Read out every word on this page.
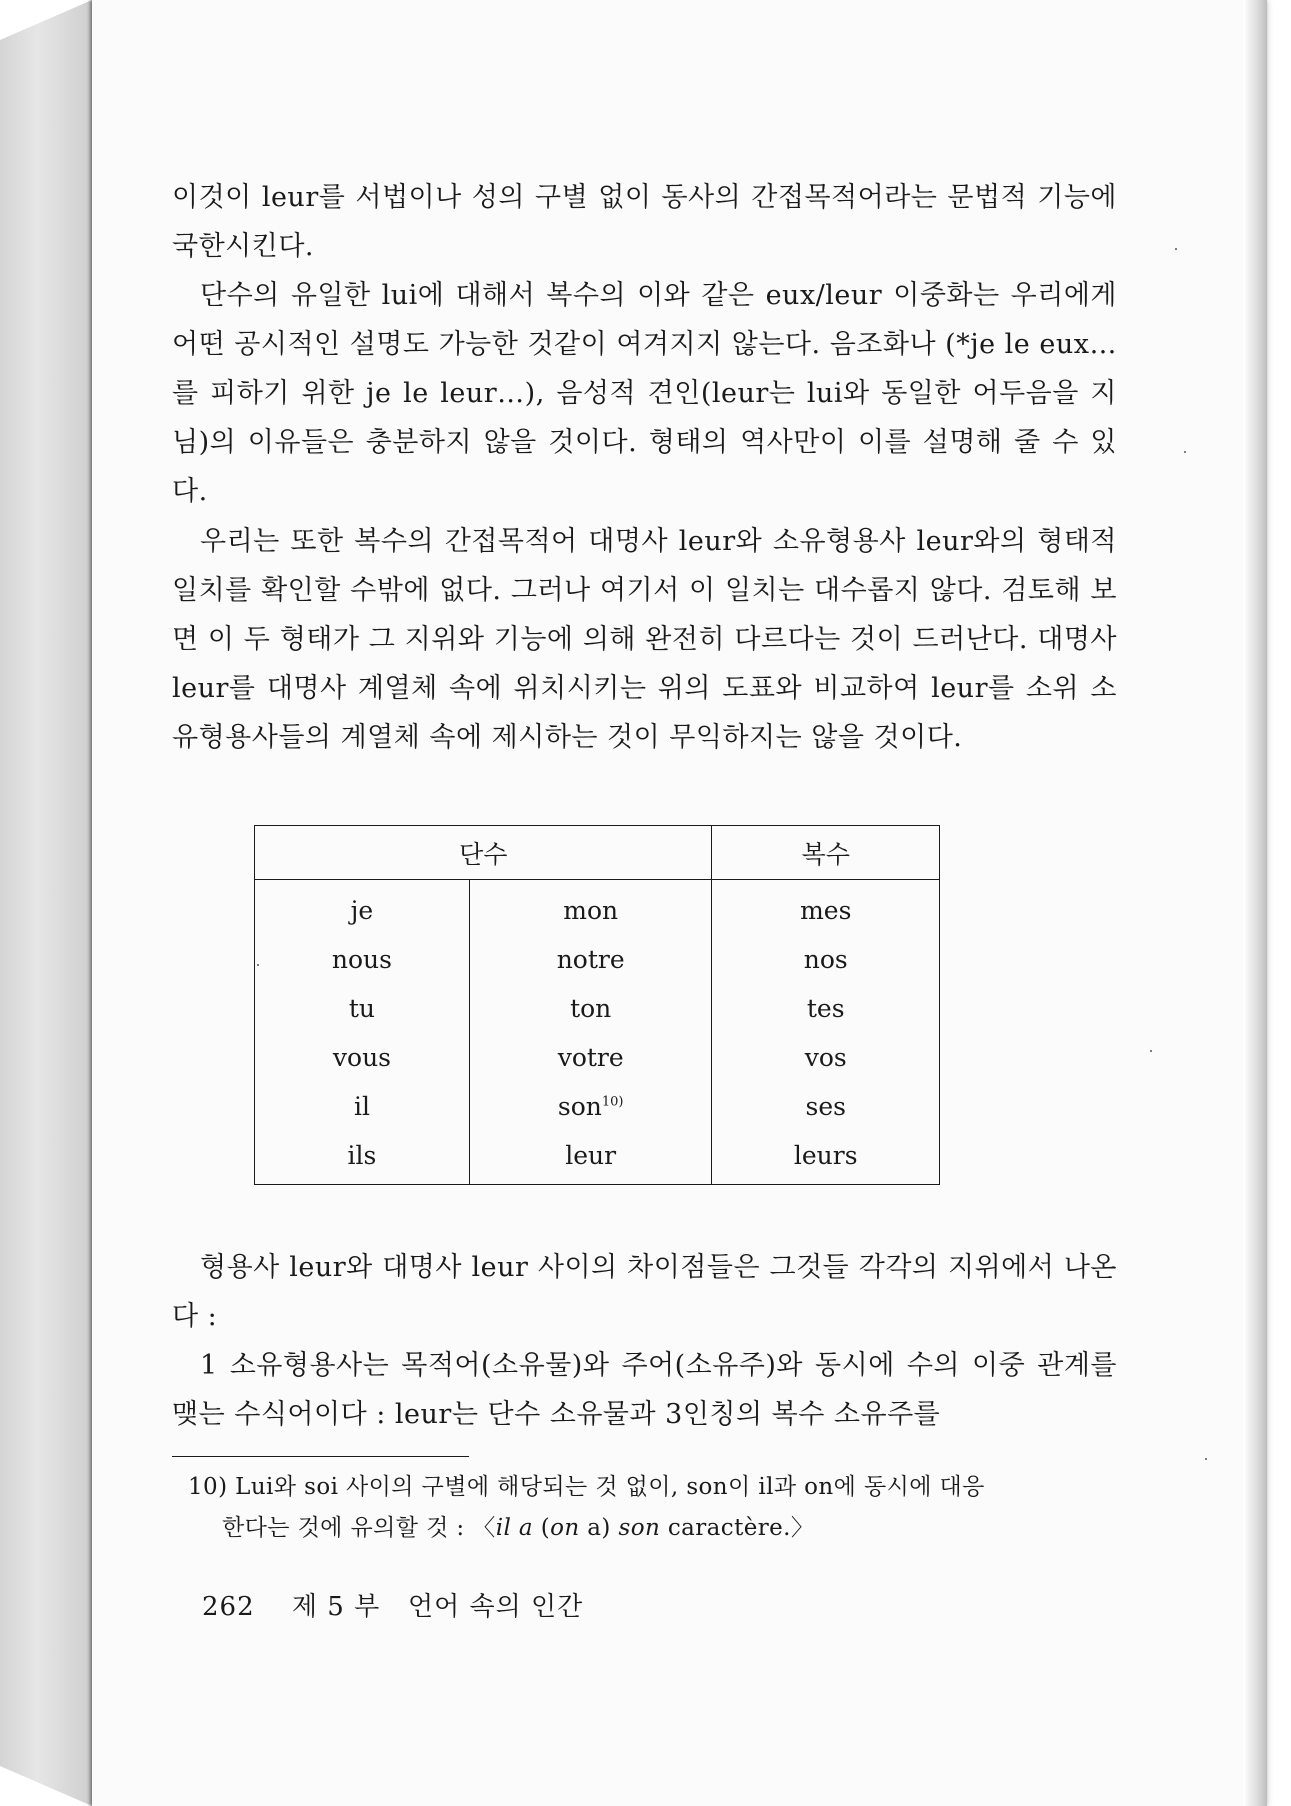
이것이 leur를 서법이나 성의 구별 없이 동사의 간접목적어라는 문법적 기능에 국한시킨다.
단수의 유일한 lui에 대해서 복수의 이와 같은 eux/leur 이중화는 우리에게 어떤 공시적인 설명도 가능한 것같이 여겨지지 않는다. 음조화나 (*je le eux…를 피하기 위한 je le leur…), 음성적 견인(leur는 lui와 동일한 어두음을 지님)의 이유들은 충분하지 않을 것이다. 형태의 역사만이 이를 설명해 줄 수 있다.
우리는 또한 복수의 간접목적어 대명사 leur와 소유형용사 leur와의 형태적 일치를 확인할 수밖에 없다. 그러나 여기서 이 일치는 대수롭지 않다. 검토해 보면 이 두 형태가 그 지위와 기능에 의해 완전히 다르다는 것이 드러난다. 대명사 leur를 대명사 계열체 속에 위치시키는 위의 도표와 비교하여 leur를 소위 소유형용사들의 계열체 속에 제시하는 것이 무익하지는 않을 것이다.
단수		복수
je	mon	mes
nous	notre	nos
tu	ton	tes
vous	votre	vos
il	son$^{10)}$	ses
ils	leur	leurs
형용사 leur와 대명사 leur 사이의 차이점들은 그것들 각각의 지위에서 나온다 :
1 소유형용사는 목적어(소유물)와 주어(소유주)와 동시에 수의 이중 관계를 맺는 수식어이다 : leur는 단수 소유물과 3인칭의 복수 소유주를
10) Lui와 soi 사이의 구별에 해당되는 것 없이, son이 il과 on에 동시에 대응
한다는 것에 유의할 것 : 〈il a (on a) son caractère.〉
262 제 5 부 언어 속의 인간
